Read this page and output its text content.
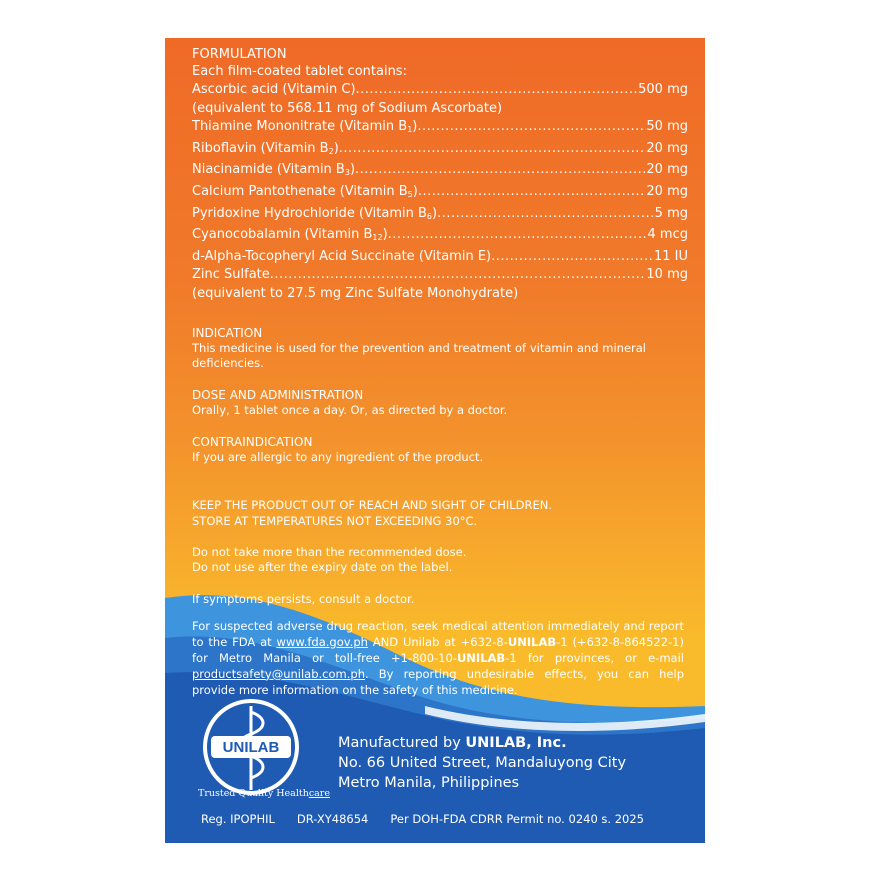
FORMULATION
Each film-coated tablet contains:
Ascorbic acid (Vitamin C) .....	500 mg
(equivalent to 568.11 mg of Sodium Ascorbate)
Thiamine Mononitrate (Vitamin $B_1$) .....	50 mg
Riboflavin (Vitamin $B_2$) .....	20 mg
Niacinamide (Vitamin $B_3$) .....	20 mg
Calcium Pantothenate (Vitamin $B_5$) .....	20 mg
Pyridoxine Hydrochloride (Vitamin $B_6$) .....	5 mg
Cyanocobalamin (Vitamin $B_{12}$) .....	4 mcg
d-Alpha-Tocopheryl Acid Succinate (Vitamin E) .....	11 IU
Zinc Sulfate .....	10 mg
(equivalent to 27.5 mg Zinc Sulfate Monohydrate)
INDICATION
This medicine is used for the prevention and treatment of vitamin and mineral deficiencies.
DOSE AND ADMINISTRATION
Orally, 1 tablet once a day. Or, as directed by a doctor.
CONTRAINDICATION
If you are allergic to any ingredient of the product.
KEEP THE PRODUCT OUT OF REACH AND SIGHT OF CHILDREN.
STORE AT TEMPERATURES NOT EXCEEDING 30°C.
Do not take more than the recommended dose.
Do not use after the expiry date on the label.
If symptoms persists, consult a doctor.
For suspected adverse drug reaction, seek medical attention immediately and report to the FDA at www.fda.gov.ph AND Unilab at +632-8-UNILAB-1 (+632-8-864522-1) for Metro Manila or toll-free +1-800-10-UNILAB-1 for provinces, or e-mail productsafety@unilab.com.ph. By reporting undesirable effects, you can help provide more information on the safety of this medicine.
UNILAB
Trusted Quality Healthcare
Manufactured by UNILAB, Inc.
No. 66 United Street, Mandaluyong City
Metro Manila, Philippines
Reg. IPOPHIL DR-XY48654 Per DOH-FDA CDRR Permit no. 0240 s. 2025
